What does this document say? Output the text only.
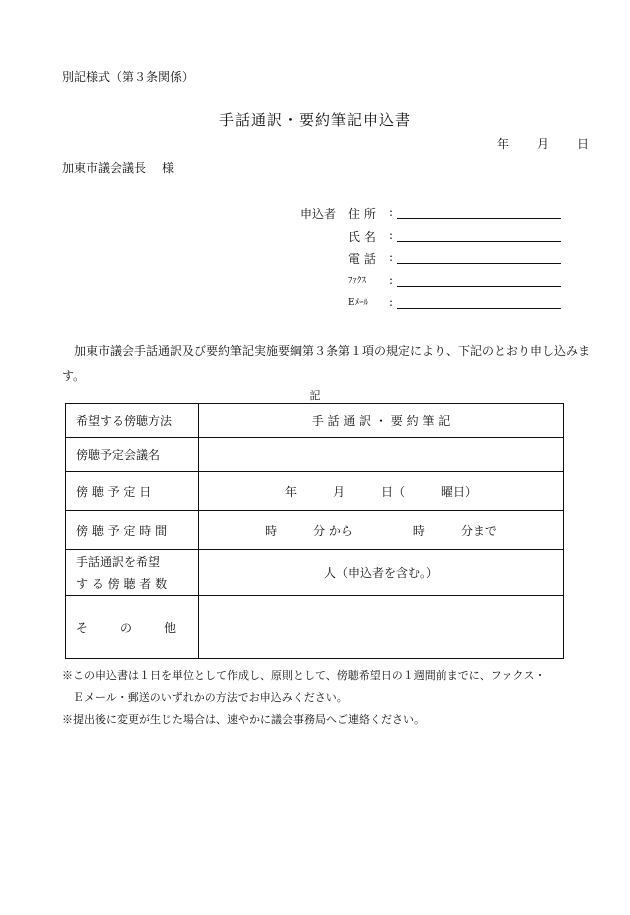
別記様式（第３条関係）
手話通訳・要約筆記申込書
年 月 日
加東市議会議長 様
申込者 住 所	:
氏 名	:
電 話	:
ﾌｧｸｽ	:
Eﾒｰﾙ	:
加東市議会手話通訳及び要約筆記実施要綱第３条第１項の規定により、下記のとおり申し込みます。
記
希望する傍聴方法	手 話 通 訳 ・ 要 約 筆 記
傍聴予定会議名	
傍 聴 予 定 日	年　　　月　　　日（　　　曜日）
傍 聴 予 定 時 間	時　　　分 から　　　　　時　　　分まで

手話通訳を希望
す る 傍 聴 者 数	人（申込者を含む。）

そ の 他	

※この申込書は１日を単位として作成し、原則として、傍聴希望日の１週間前までに、ファクス・
　Ｅメール・郵送のいずれかの方法でお申込みください。
※提出後に変更が生じた場合は、速やかに議会事務局へご連絡ください。
